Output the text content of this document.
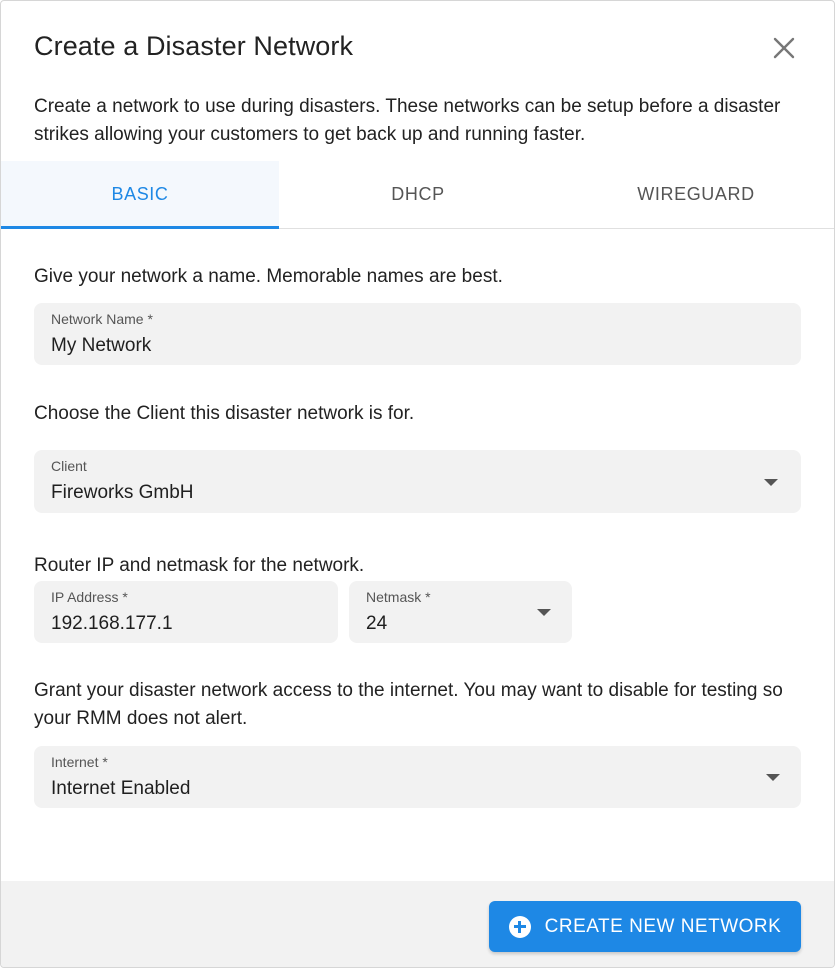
Create a Disaster Network
Create a network to use during disasters. These networks can be setup before a disaster strikes allowing your customers to get back up and running faster.
BASIC	DHCP	WIREGUARD
Give your network a name. Memorable names are best.
Network Name *
My Network
Choose the Client this disaster network is for.
Client
Fireworks GmbH
Router IP and netmask for the network.
IP Address *
192.168.177.1
Netmask *
24
Grant your disaster network access to the internet. You may want to disable for testing so your RMM does not alert.
Internet *
Internet Enabled
CREATE NEW NETWORK
